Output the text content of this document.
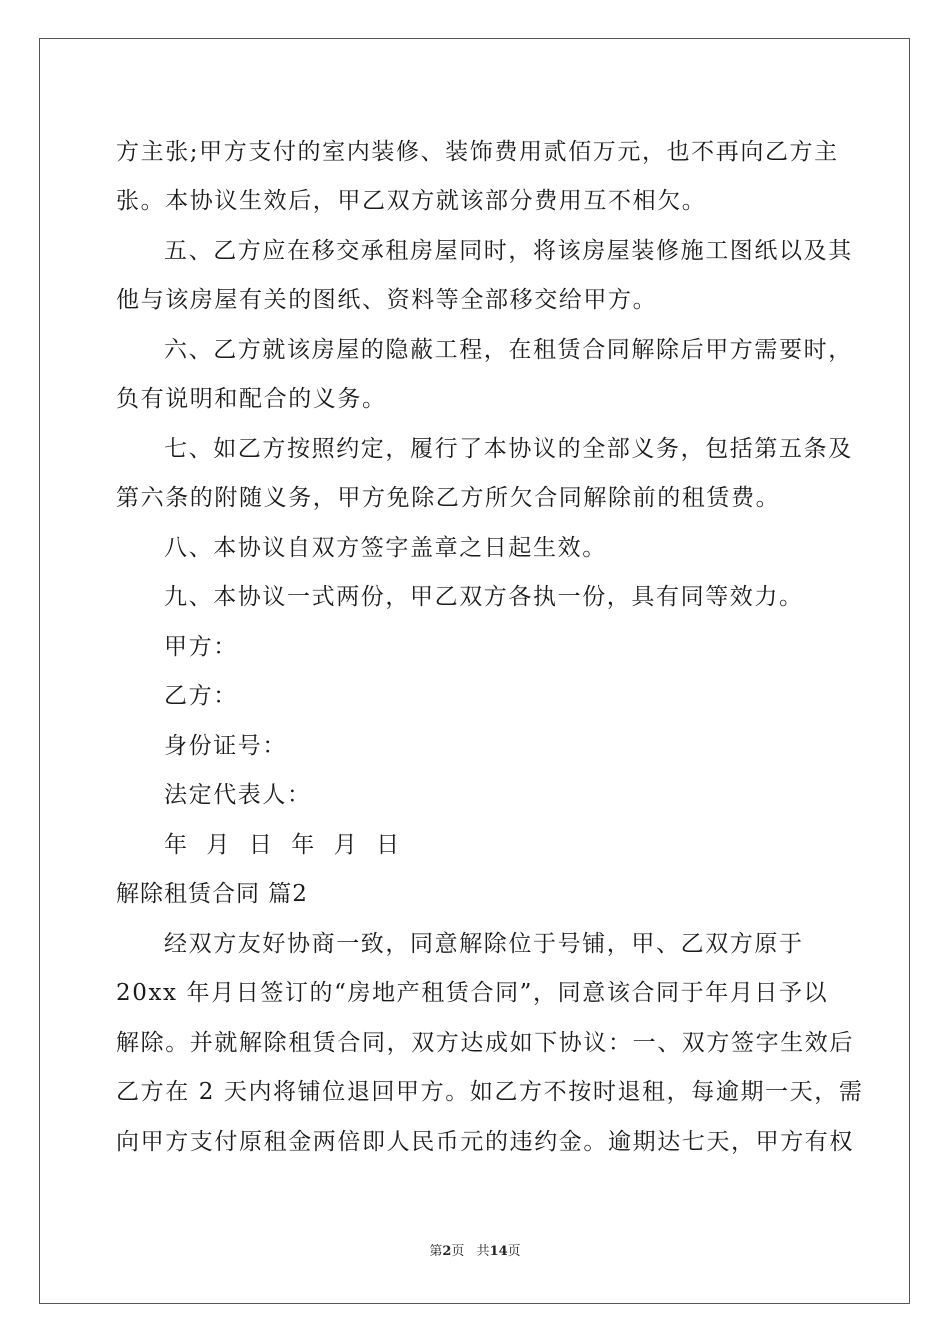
方主张;甲方支付的室内装修、装饰费用贰佰万元，也不再向乙方主
张。本协议生效后，甲乙双方就该部分费用互不相欠。
五、乙方应在移交承租房屋同时，将该房屋装修施工图纸以及其
他与该房屋有关的图纸、资料等全部移交给甲方。
六、乙方就该房屋的隐蔽工程，在租赁合同解除后甲方需要时，
负有说明和配合的义务。
七、如乙方按照约定，履行了本协议的全部义务，包括第五条及
第六条的附随义务，甲方免除乙方所欠合同解除前的租赁费。
八、本协议自双方签字盖章之日起生效。
九、本协议一式两份，甲乙双方各执一份，具有同等效力。
甲方：
乙方：
身份证号：
法定代表人：
年  月  日  年  月  日
解除租赁合同 篇2
经双方友好协商一致，同意解除位于号铺，甲、乙双方原于
20xx 年月日签订的“房地产租赁合同”，同意该合同于年月日予以
解除。并就解除租赁合同，双方达成如下协议：一、双方签字生效后
乙方在 2 天内将铺位退回甲方。如乙方不按时退租，每逾期一天，需
向甲方支付原租金两倍即人民币元的违约金。逾期达七天，甲方有权
第2页 共14页
